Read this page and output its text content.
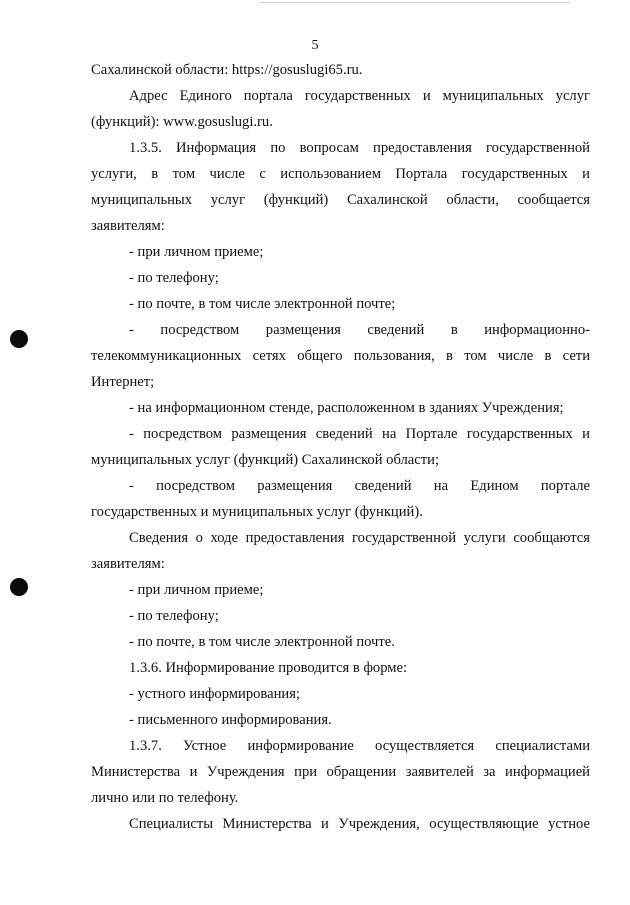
5
Сахалинской области: https://gosuslugi65.ru.
Адрес Единого портала государственных и муниципальных услуг
(функций): www.gosuslugi.ru.
1.3.5. Информация по вопросам предоставления государственной
услуги, в том числе с использованием Портала государственных и
муниципальных услуг (функций) Сахалинской области, сообщается
заявителям:
- при личном приеме;
- по телефону;
- по почте, в том числе электронной почте;
- посредством размещения сведений в информационно-
телекоммуникационных сетях общего пользования, в том числе в сети
Интернет;
- на информационном стенде, расположенном в зданиях Учреждения;
- посредством размещения сведений на Портале государственных и
муниципальных услуг (функций) Сахалинской области;
- посредством размещения сведений на Едином портале
государственных и муниципальных услуг (функций).
Сведения о ходе предоставления государственной услуги сообщаются
заявителям:
- при личном приеме;
- по телефону;
- по почте, в том числе электронной почте.
1.3.6. Информирование проводится в форме:
- устного информирования;
- письменного информирования.
1.3.7. Устное информирование осуществляется специалистами
Министерства и Учреждения при обращении заявителей за информацией
лично или по телефону.
Специалисты Министерства и Учреждения, осуществляющие устное
